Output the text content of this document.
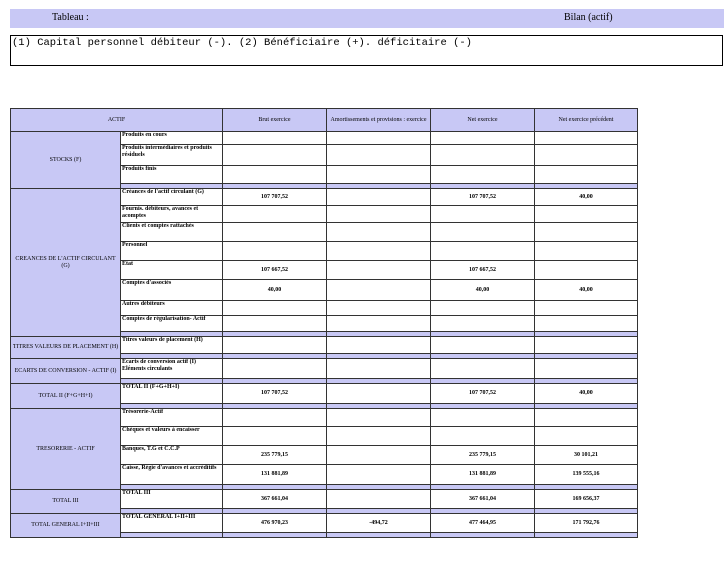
Tableau :	Bilan (actif)
(1) Capital personnel débiteur (-). (2) Bénéficiaire (+). déficitaire (-)
ACTIF		Brut exercice	Amortissements et provisions : exercice	Net exercice	Net exercice précédent
STOCKS (F)	Produits en cours				
	Produits intermédiaires et produits résiduels				
	Produits finis				

CREANCES DE L'ACTIF CIRCULANT (G)	Créances de l'actif circulant (G)	107 707,52		107 707,52	40,00
	Fournis. débiteurs, avances et acomptes				
	Clients et comptes rattachés				
	Personnel				
	Etat	107 667,52		107 667,52	
	Comptes d'associés	40,00		40,00	40,00
	Autres débiteurs				
	Comptes de régularisation- Actif				

TITRES VALEURS DE PLACEMENT (H)	Titres valeurs de placement (H)				

ECARTS DE CONVERSION - ACTIF (I)	Ecarts de conversion actif (I) Eléments circulants				

TOTAL II (F+G+H+I)	TOTAL II (F+G+H+I)	107 707,52		107 707,52	40,00

TRESORERIE - ACTIF	Trésorerie-Actif				
	Chèques et valeurs à encaisser				
	Banques, T.G et C.C.P	235 779,15		235 779,15	30 101,21
	Caisse, Régie d'avances et accréditifs	131 881,89		131 881,89	139 555,16

TOTAL III	TOTAL III	367 661,04		367 661,04	169 656,37

TOTAL GENERAL I+II+III	TOTAL GENERAL I+II+III	476 970,23	-494,72	477 464,95	171 792,76
